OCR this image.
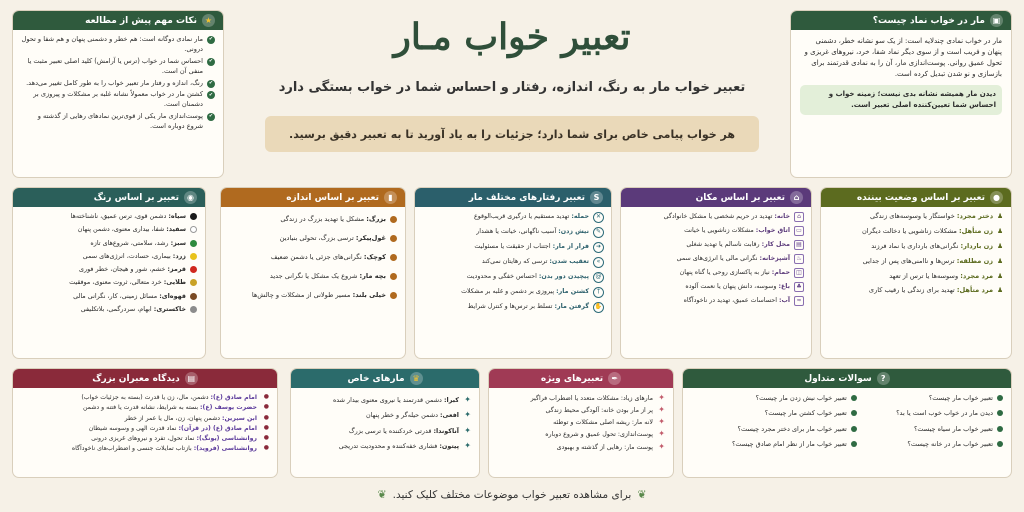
تعبیر خواب مـار
تعبیر خواب مار به رنگ، اندازه، رفتار و احساس شما در خواب بستگی دارد
هر خواب پیامی خاص برای شما دارد؛ جزئیات را به یاد آورید تا به تعبیر دقیق برسید.
▣
مار در خواب نماد چیست؟
مار در خواب نمادی چندلایه است: از یک سو نشانه خطر، دشمنی پنهان و فریب است و از سوی دیگر نماد شفا، خرد، نیروهای غریزی و تحول عمیق روانی. پوست‌اندازی مار، آن را به نمادی قدرتمند برای بازسازی و نو شدن تبدیل کرده است.
دیدن مار همیشه نشانه بدی نیست؛ زمینه خواب و احساس شما تعیین‌کننده اصلی تعبیر است.
★
نکات مهم پیش از مطالعه
✔
مار نمادی دوگانه است: هم خطر و دشمنی پنهان و هم شفا و تحول درونی.
✔
احساس شما در خواب (ترس یا آرامش) کلید اصلی تعبیر مثبت یا منفی آن است.
✔
رنگ، اندازه و رفتار مار تعبیر خواب را به طور کامل تغییر می‌دهد.
✔
کشتن مار در خواب معمولاً نشانه غلبه بر مشکلات و پیروزی بر دشمنان است.
✔
پوست‌اندازی مار یکی از قوی‌ترین نمادهای رهایی از گذشته و شروع دوباره است.
●
تعبیر بر اساس وضعیت بیننده
♟
دختر مجرد: خواستگار یا وسوسه‌های زندگی
♟
زن متأهل: مشکلات زناشویی یا دخالت دیگران
♟
زن باردار: نگرانی‌های بارداری یا نماد فرزند
♟
زن مطلقه: ترس‌ها و ناامنی‌های پس از جدایی
♟
مرد مجرد: وسوسه‌ها یا ترس از تعهد
♟
مرد متأهل: تهدید برای زندگی یا رقیب کاری
⌂
تعبیر بر اساس مکان
⌂
خانه: تهدید در حریم شخصی یا مشکل خانوادگی
▭
اتاق خواب: مشکلات زناشویی یا خیانت
▤
محل کار: رقابت ناسالم یا تهدید شغلی
♨
آشپزخانه: نگرانی مالی یا انرژی‌های سمی
◫
حمام: نیاز به پاکسازی روحی یا گناه پنهان
♣
باغ: وسوسه، دانش پنهان یا نعمت آلوده
≈
آب: احساسات عمیق، تهدید در ناخودآگاه
S
تعبیر رفتارهای مختلف مار
✕
حمله: تهدید مستقیم یا درگیری قریب‌الوقوع
✎
نیش زدن: آسیب ناگهانی، خیانت یا هشدار
➜
فرار از مار: اجتناب از حقیقت یا مسئولیت
»
تعقیب شدن: ترسی که رهایتان نمی‌کند
@
پیچیدن دور بدن: احساس خفگی و محدودیت
†
کشتن مار: پیروزی بر دشمن و غلبه بر مشکلات
✋
گرفتن مار: تسلط بر ترس‌ها و کنترل شرایط
▮
تعبیر بر اساس اندازه
بزرگ: مشکل یا تهدید بزرگ در زندگی
غول‌پیکر: ترسی بزرگ، تحولی بنیادین
کوچک: نگرانی‌های جزئی یا دشمن ضعیف
بچه مار: شروع یک مشکل یا نگرانی جدید
خیلی بلند: مسیر طولانی از مشکلات و چالش‌ها
◉
تعبیر بر اساس رنگ
سیاه: دشمن قوی، ترس عمیق، ناشناخته‌ها
سفید: شفا، بیداری معنوی، دشمن پنهان
سبز: رشد، سلامتی، شروع‌های تازه
زرد: بیماری، حسادت، انرژی‌های سمی
قرمز: خشم، شور و هیجان، خطر فوری
طلایی: خرد متعالی، ثروت معنوی، موفقیت
قهوه‌ای: مسائل زمینی، کار، نگرانی مالی
خاکستری: ابهام، سردرگمی، بلاتکلیفی
?
سوالات متداول
تعبیر خواب مار چیست؟
دیدن مار در خواب خوب است یا بد؟
تعبیر خواب مار سیاه چیست؟
تعبیر خواب مار در خانه چیست؟
تعبیر خواب نیش زدن مار چیست؟
تعبیر خواب کشتن مار چیست؟
تعبیر خواب مار برای دختر مجرد چیست؟
تعبیر خواب مار از نظر امام صادق چیست؟
✒
تعبیرهای ویژه
✦
مارهای زیاد: مشکلات متعدد یا اضطراب فراگیر
✦
پر از مار بودن خانه: آلودگی محیط زندگی
✦
لانه مار: ریشه اصلی مشکلات و توطئه
✦
پوست‌اندازی: تحول عمیق و شروع دوباره
✦
پوست مار: رهایی از گذشته و بهبودی
♛
مارهای خاص
✦
کبرا: دشمن قدرتمند یا نیروی معنوی بیدار شده
✦
افعی: دشمن حیله‌گر و خطر پنهان
✦
آناکوندا: قدرتی خردکننده یا ترسی بزرگ
✦
پیتون: فشاری خفه‌کننده و محدودیت تدریجی
▤
دیدگاه معبران بزرگ
●
امام صادق (ع): دشمن، مال، زن یا قدرت (بسته به جزئیات خواب)
●
حضرت یوسف (ع): بسته به شرایط، نشانه قدرت یا فتنه و دشمن
●
ابن سیرین: دشمن پنهان، زن، مال یا عمر از خطر
●
امام صادق (ع) (در قرآن): نماد قدرت الهی و وسوسه شیطان
●
روانشناسی (یونگ): نماد تحول، تفرد و نیروهای غریزی درونی
●
روانشناسی (فروید): بازتاب تمایلات جنسی و اضطراب‌های ناخودآگاه
❦برای مشاهده تعبیر خواب موضوعات مختلف کلیک کنید.❦
